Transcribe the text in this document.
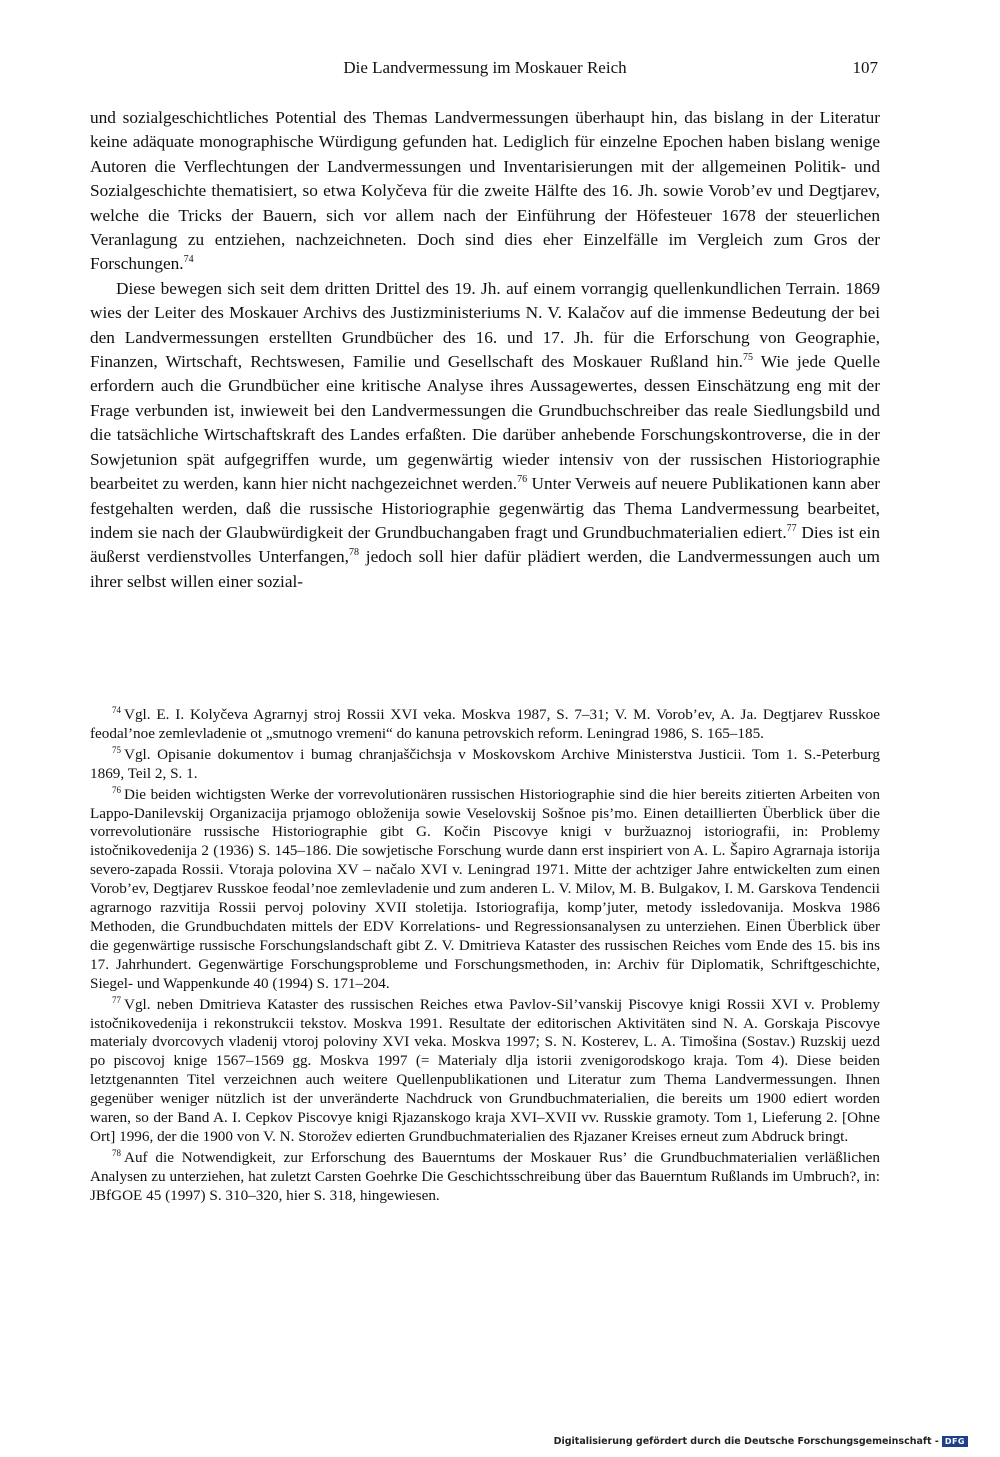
Die Landvermessung im Moskauer Reich	107

und sozialgeschichtliches Potential des Themas Landvermessungen überhaupt hin, das bislang in der Literatur keine adäquate monographische Würdigung gefunden hat. Lediglich für einzelne Epochen haben bislang wenige Autoren die Verflechtungen der Landvermessungen und Inventarisierungen mit der allgemeinen Politik- und Sozialgeschichte thematisiert, so etwa Kolyčeva für die zweite Hälfte des 16. Jh. sowie Vorob’ev und Degtjarev, welche die Tricks der Bauern, sich vor allem nach der Einführung der Höfesteuer 1678 der steuerlichen Veranlagung zu entziehen, nachzeichneten. Doch sind dies eher Einzelfälle im Vergleich zum Gros der Forschungen.$^{74}$

Diese bewegen sich seit dem dritten Drittel des 19. Jh. auf einem vorrangig quellenkundlichen Terrain. 1869 wies der Leiter des Moskauer Archivs des Justizministeriums N. V. Kalačov auf die immense Bedeutung der bei den Landvermessungen erstellten Grundbücher des 16. und 17. Jh. für die Erforschung von Geographie, Finanzen, Wirtschaft, Rechtswesen, Familie und Gesellschaft des Moskauer Rußland hin.$^{75}$ Wie jede Quelle erfordern auch die Grundbücher eine kritische Analyse ihres Aussagewertes, dessen Einschätzung eng mit der Frage verbunden ist, inwieweit bei den Landvermessungen die Grundbuchschreiber das reale Siedlungsbild und die tatsächliche Wirtschaftskraft des Landes erfaßten. Die darüber anhebende Forschungskontroverse, die in der Sowjetunion spät aufgegriffen wurde, um gegenwärtig wieder intensiv von der russischen Historiographie bearbeitet zu werden, kann hier nicht nachgezeichnet werden.$^{76}$ Unter Verweis auf neuere Publikationen kann aber festgehalten werden, daß die russische Historiographie gegenwärtig das Thema Landvermessung bearbeitet, indem sie nach der Glaubwürdigkeit der Grundbuchangaben fragt und Grundbuchmaterialien ediert.$^{77}$ Dies ist ein äußerst verdienstvolles Unterfangen,$^{78}$ jedoch soll hier dafür plädiert werden, die Landvermessungen auch um ihrer selbst willen einer sozial-

$^{74}$ Vgl. E. I. Kolyčeva Agrarnyj stroj Rossii XVI veka. Moskva 1987, S. 7–31; V. M. Vorob’ev, A. Ja. Degtjarev Russkoe feodal’noe zemlevladenie ot „smutnogo vremeni“ do kanuna petrovskich reform. Leningrad 1986, S. 165–185.

$^{75}$ Vgl. Opisanie dokumentov i bumag chranjaščichsja v Moskovskom Archive Ministerstva Justicii. Tom 1. S.-Peterburg 1869, Teil 2, S. 1.

$^{76}$ Die beiden wichtigsten Werke der vorrevolutionären russischen Historiographie sind die hier bereits zitierten Arbeiten von Lappo-Danilevskij Organizacija prjamogo obloženija sowie Veselovskij Sošnoe pis’mo. Einen detaillierten Überblick über die vorrevolutionäre russische Historiographie gibt G. Kočin Piscovye knigi v buržuaznoj istoriografii, in: Problemy istočnikovedenija 2 (1936) S. 145–186. Die sowjetische Forschung wurde dann erst inspiriert von A. L. Šapiro Agrarnaja istorija severo-zapada Rossii. Vtoraja polovina XV – načalo XVI v. Leningrad 1971. Mitte der achtziger Jahre entwickelten zum einen Vorob’ev, Degtjarev Russkoe feodal’noe zemlevladenie und zum anderen L. V. Milov, M. B. Bulgakov, I. M. Garskova Tendencii agrarnogo razvitija Rossii pervoj poloviny XVII stoletija. Istoriografija, komp’juter, metody issledovanija. Moskva 1986 Methoden, die Grundbuchdaten mittels der EDV Korrelations- und Regressionsanalysen zu unterziehen. Einen Überblick über die gegenwärtige russische Forschungslandschaft gibt Z. V. Dmitrieva Kataster des russischen Reiches vom Ende des 15. bis ins 17. Jahrhundert. Gegenwärtige Forschungsprobleme und Forschungsmethoden, in: Archiv für Diplomatik, Schriftgeschichte, Siegel- und Wappenkunde 40 (1994) S. 171–204.

$^{77}$ Vgl. neben Dmitrieva Kataster des russischen Reiches etwa Pavlov-Sil’vanskij Piscovye knigi Rossii XVI v. Problemy istočnikovedenija i rekonstrukcii tekstov. Moskva 1991. Resultate der editorischen Aktivitäten sind N. A. Gorskaja Piscovye materialy dvorcovych vladenij vtoroj poloviny XVI veka. Moskva 1997; S. N. Kosterev, L. A. Timošina (Sostav.) Ruzskij uezd po piscovoj knige 1567–1569 gg. Moskva 1997 (= Materialy dlja istorii zvenigorodskogo kraja. Tom 4). Diese beiden letztgenannten Titel verzeichnen auch weitere Quellenpublikationen und Literatur zum Thema Landvermessungen. Ihnen gegenüber weniger nützlich ist der unveränderte Nachdruck von Grundbuchmaterialien, die bereits um 1900 ediert worden waren, so der Band A. I. Cepkov Piscovye knigi Rjazanskogo kraja XVI–XVII vv. Russkie gramoty. Tom 1, Lieferung 2. [Ohne Ort] 1996, der die 1900 von V. N. Storožev edierten Grundbuchmaterialien des Rjazaner Kreises erneut zum Abdruck bringt.

$^{78}$ Auf die Notwendigkeit, zur Erforschung des Bauerntums der Moskauer Rus’ die Grundbuchmaterialien verläßlichen Analysen zu unterziehen, hat zuletzt Carsten Goehrke Die Geschichtsschreibung über das Bauerntum Rußlands im Umbruch?, in: JBfGOE 45 (1997) S. 310–320, hier S. 318, hingewiesen.

Digitalisierung gefördert durch die Deutsche Forschungsgemeinschaft - DFG
